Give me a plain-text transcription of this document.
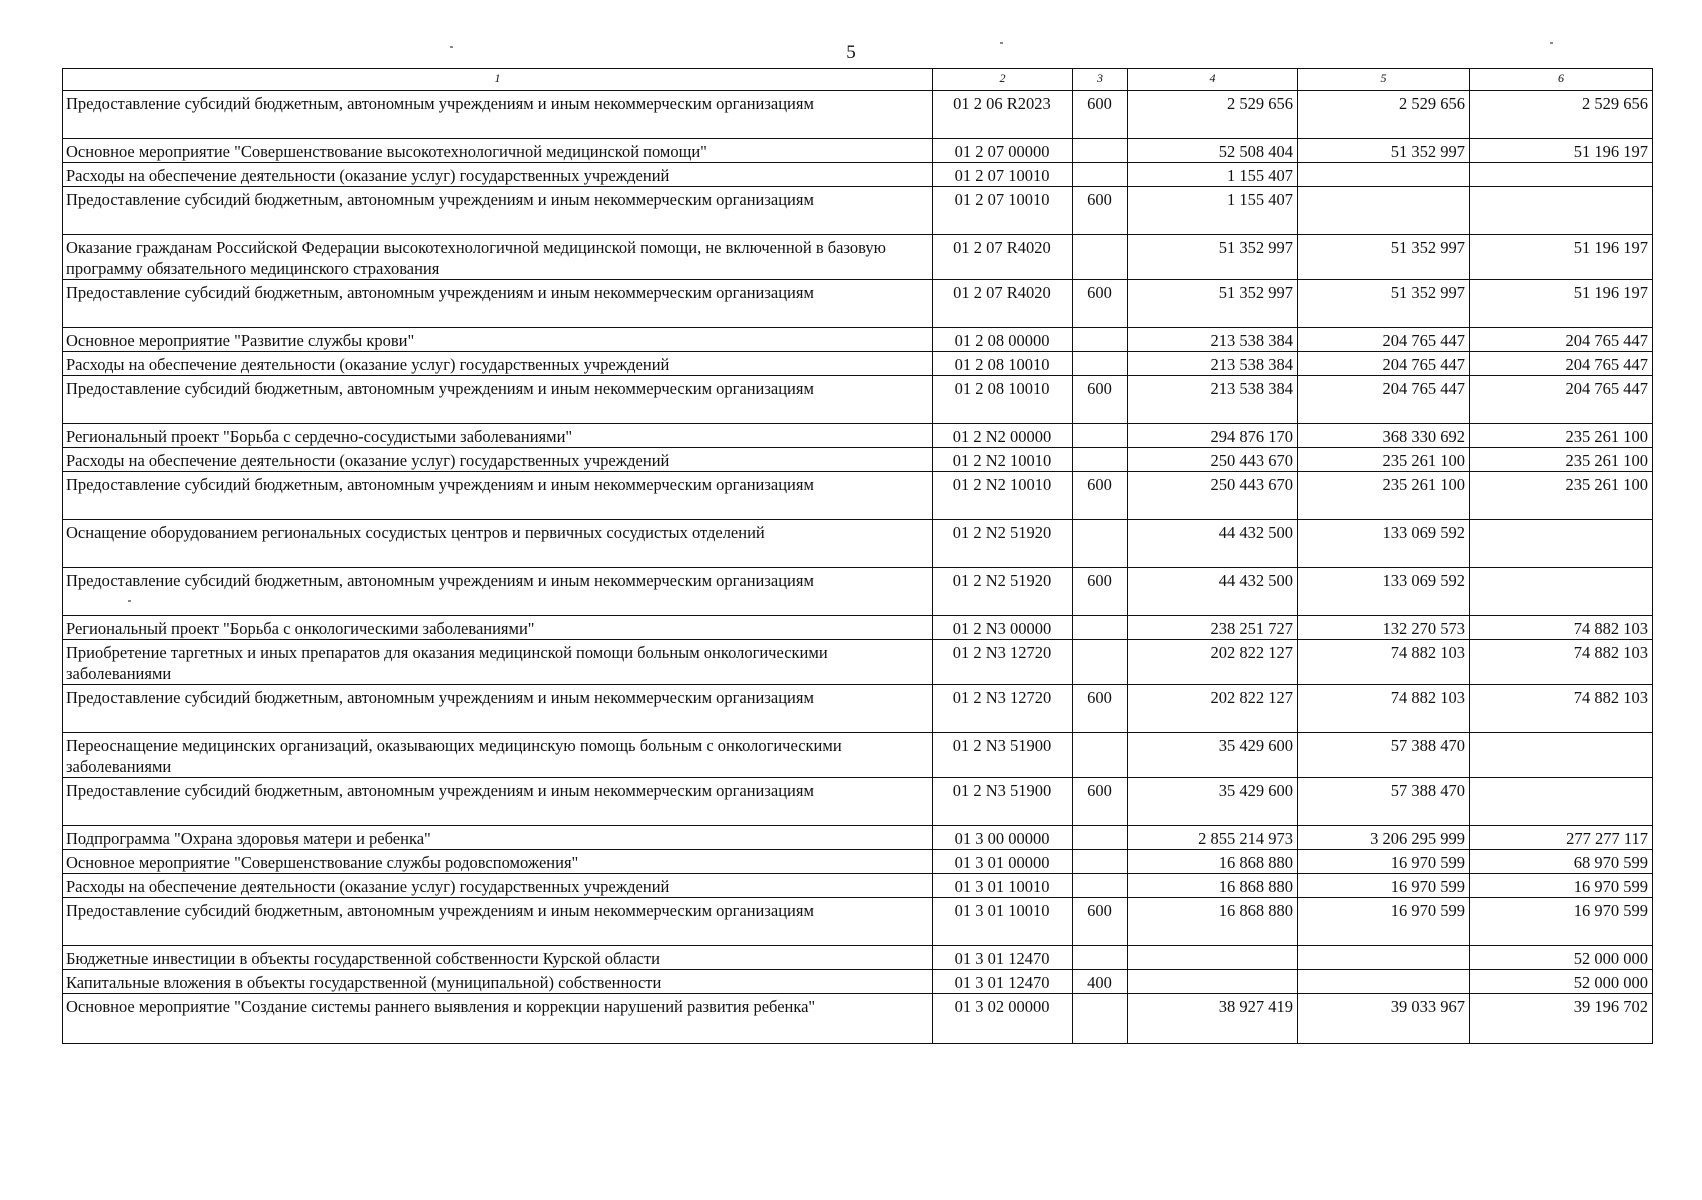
5
1	2	3	4	5	6
Предоставление субсидий бюджетным, автономным учреждениям и иным некоммерческим организациям	01 2 06 R2023	600	2 529 656	2 529 656	2 529 656
Основное мероприятие "Совершенствование высокотехнологичной медицинской помощи"	01 2 07 00000		52 508 404	51 352 997	51 196 197
Расходы на обеспечение деятельности (оказание услуг) государственных учреждений	01 2 07 10010		1 155 407		
Предоставление субсидий бюджетным, автономным учреждениям и иным некоммерческим организациям	01 2 07 10010	600	1 155 407		
Оказание гражданам Российской Федерации высокотехнологичной медицинской помощи, не включенной в базовую программу обязательного медицинского страхования	01 2 07 R4020		51 352 997	51 352 997	51 196 197
Предоставление субсидий бюджетным, автономным учреждениям и иным некоммерческим организациям	01 2 07 R4020	600	51 352 997	51 352 997	51 196 197
Основное мероприятие "Развитие службы крови"	01 2 08 00000		213 538 384	204 765 447	204 765 447
Расходы на обеспечение деятельности (оказание услуг) государственных учреждений	01 2 08 10010		213 538 384	204 765 447	204 765 447
Предоставление субсидий бюджетным, автономным учреждениям и иным некоммерческим организациям	01 2 08 10010	600	213 538 384	204 765 447	204 765 447
Региональный проект "Борьба с сердечно-сосудистыми заболеваниями"	01 2 N2 00000		294 876 170	368 330 692	235 261 100
Расходы на обеспечение деятельности (оказание услуг) государственных учреждений	01 2 N2 10010		250 443 670	235 261 100	235 261 100
Предоставление субсидий бюджетным, автономным учреждениям и иным некоммерческим организациям	01 2 N2 10010	600	250 443 670	235 261 100	235 261 100
Оснащение оборудованием региональных сосудистых центров и первичных сосудистых отделений	01 2 N2 51920		44 432 500	133 069 592	
Предоставление субсидий бюджетным, автономным учреждениям и иным некоммерческим организациям	01 2 N2 51920	600	44 432 500	133 069 592	
Региональный проект "Борьба с онкологическими заболеваниями"	01 2 N3 00000		238 251 727	132 270 573	74 882 103
Приобретение таргетных и иных препаратов для оказания медицинской помощи больным онкологическими заболеваниями	01 2 N3 12720		202 822 127	74 882 103	74 882 103
Предоставление субсидий бюджетным, автономным учреждениям и иным некоммерческим организациям	01 2 N3 12720	600	202 822 127	74 882 103	74 882 103
Переоснащение медицинских организаций, оказывающих медицинскую помощь больным с онкологическими заболеваниями	01 2 N3 51900		35 429 600	57 388 470	
Предоставление субсидий бюджетным, автономным учреждениям и иным некоммерческим организациям	01 2 N3 51900	600	35 429 600	57 388 470	
Подпрограмма "Охрана здоровья матери и ребенка"	01 3 00 00000		2 855 214 973	3 206 295 999	277 277 117
Основное мероприятие "Совершенствование службы родовспоможения"	01 3 01 00000		16 868 880	16 970 599	68 970 599
Расходы на обеспечение деятельности (оказание услуг) государственных учреждений	01 3 01 10010		16 868 880	16 970 599	16 970 599
Предоставление субсидий бюджетным, автономным учреждениям и иным некоммерческим организациям	01 3 01 10010	600	16 868 880	16 970 599	16 970 599
Бюджетные инвестиции в объекты государственной собственности Курской области	01 3 01 12470				52 000 000
Капитальные вложения в объекты государственной (муниципальной) собственности	01 3 01 12470	400			52 000 000
Основное мероприятие "Создание системы раннего выявления и коррекции нарушений развития ребенка"	01 3 02 00000		38 927 419	39 033 967	39 196 702
